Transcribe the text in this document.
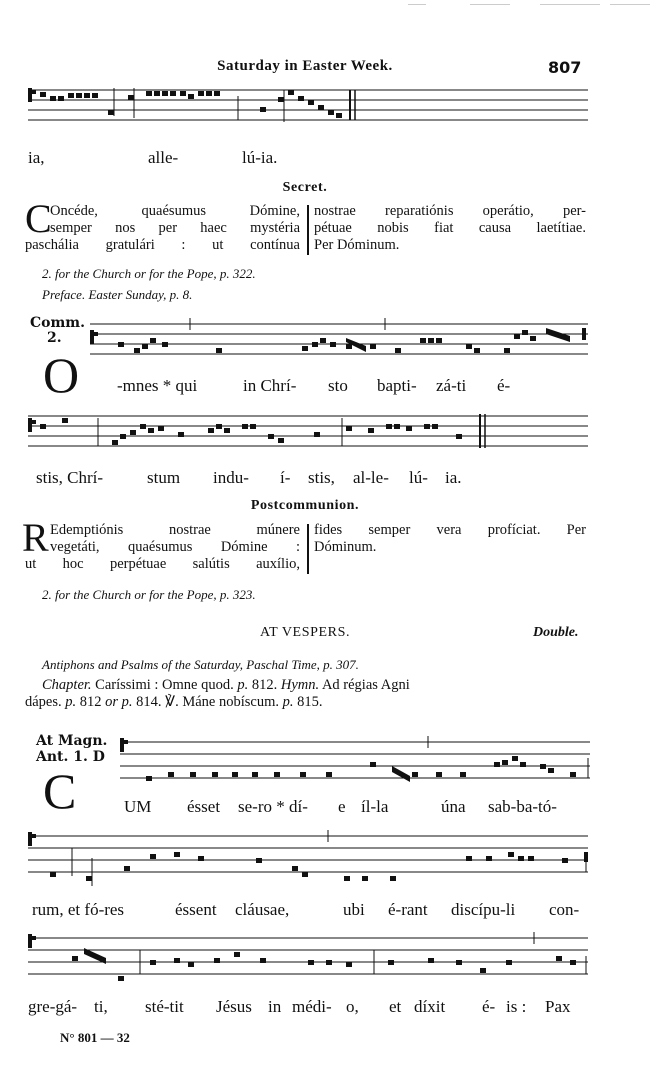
Saturday in Easter Week.	807
ia,	alle-	lú-ia.
Secret.
C

Oncéde, quaésumus Dómine,

semper nos per haec mystéria

paschália gratulári : ut contínua

nostrae reparatiónis operátio, per-

pétuae nobis fiat causa laetítiae.

Per Dóminum.

2. for the Church or for the Pope, p. 322.
Preface. Easter Sunday, p. 8.
Comm.
2.
O -mnes * qui	in Chrí- sto bapti- zá-ti é-
stis, Chrí-	stum indu- í- stis, al-le- lú- ia.
Postcommunion.
R Edemptiónis nostrae múnere

vegetáti, quaésumus Dómine :

ut hoc perpétuae salútis auxílio,

fides semper vera profíciat. Per

Dóminum.

2. for the Church or for the Pope, p. 323.
AT VESPERS.	Double.
Antiphons and Psalms of the Saturday, Paschal Time, p. 307.
Chapter. Caríssimi : Omne quod. p. 812. Hymn. Ad régias Agni
dápes. p. 812 or p. 814. ℣. Máne nobíscum. p. 815.
At Magn.
Ant. 1. D
C	UM ésset se-ro * dí- e íl-la	úna sab-ba-tó-
rum, et fó-res	éssent cláusae,	ubi é-rant discípu-li con-
gre-gá- ti, sté-tit Jésus in médi- o, et díxit é- is : Pax
N° 801 — 32
